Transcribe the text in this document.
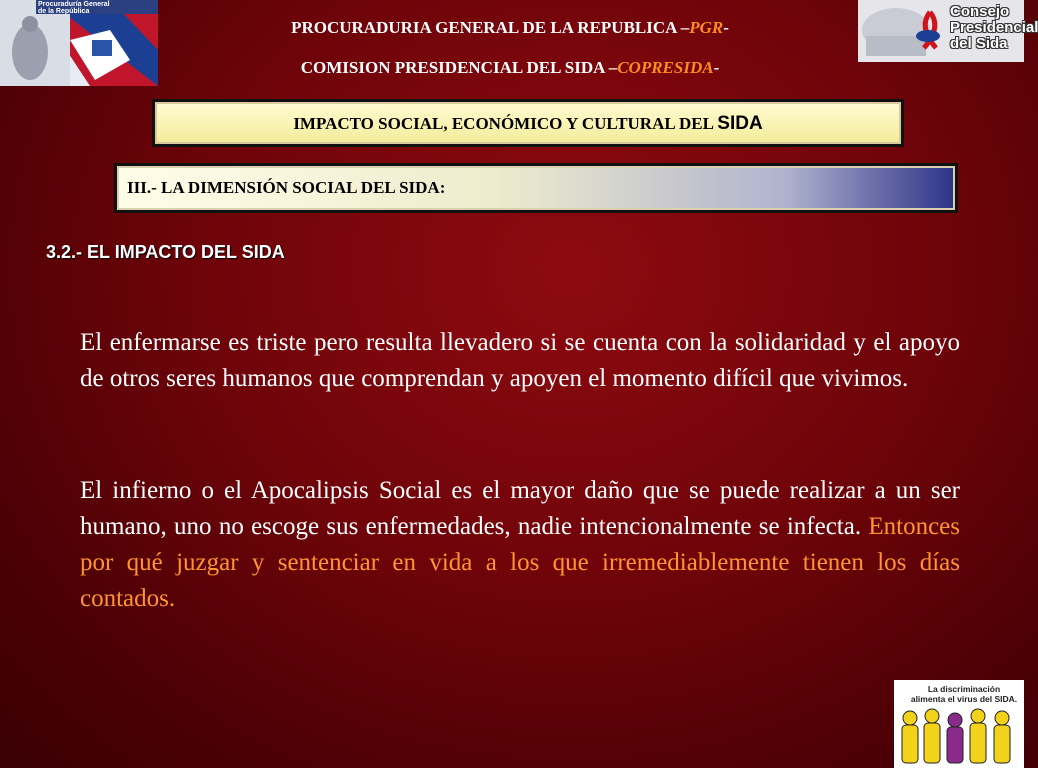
Procuraduría General
de la República	Consejo
Presidencial
del Sida
PROCURADURIA GENERAL DE LA REPUBLICA –PGR-
COMISION PRESIDENCIAL DEL SIDA –COPRESIDA-
IMPACTO SOCIAL, ECONÓMICO Y CULTURAL DEL SIDA
III.- LA DIMENSIÓN SOCIAL DEL SIDA:
3.2.- EL IMPACTO DEL SIDA

El enfermarse es triste pero resulta llevadero si se cuenta con la solidaridad y el apoyo de otros seres humanos que comprendan y apoyen el momento difícil que vivimos.

El infierno o el Apocalipsis Social es el mayor daño que se puede realizar a un ser humano, uno no escoge sus enfermedades, nadie intencionalmente se infecta. Entonces por qué juzgar y sentenciar en vida a los que irremediablemente tienen los días contados.

La discriminación
alimenta el virus del SIDA.
